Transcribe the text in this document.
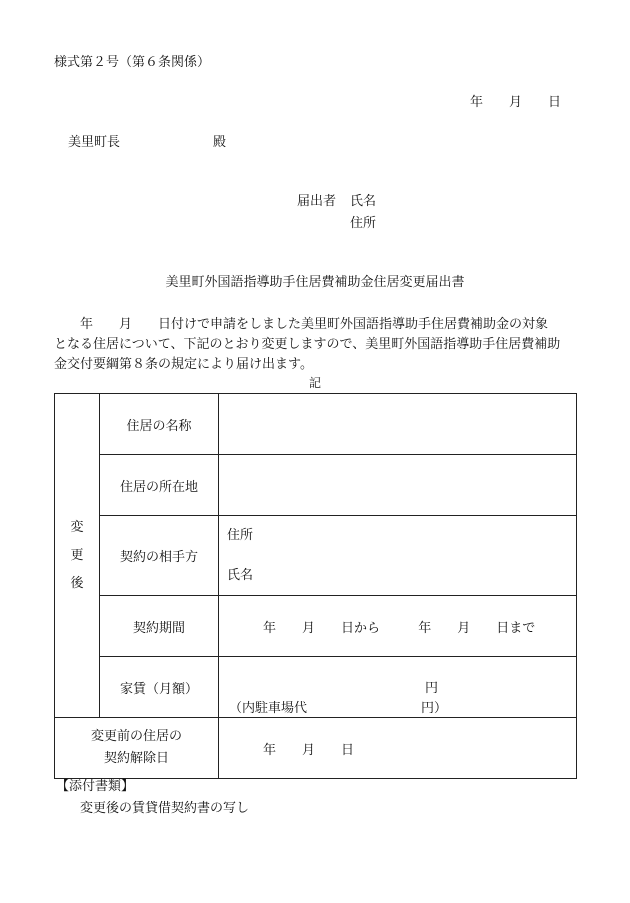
様式第２号（第６条関係）
年　　月　　日
美里町長	殿
届出者 氏名
住所
美里町外国語指導助手住居費補助金住居変更届出書
　　年　　月　　日付けで申請をしました美里町外国語指導助手住居費補助金の対象
となる住居について、下記のとおり変更しますので、美里町外国語指導助手住居費補助
金交付要綱第８条の規定により届け出ます。
記
変
更
後	住居の名称	
	住居の所在地	
	契約の相手方	住所
氏名

	契約期間	年　　月　　日から 年　　月　　日まで
	家賃（月額）	円
（内駐車場代 円）

変更前の住居の
契約解除日		年　　月　　日
【添付書類】
変更後の賃貸借契約書の写し
